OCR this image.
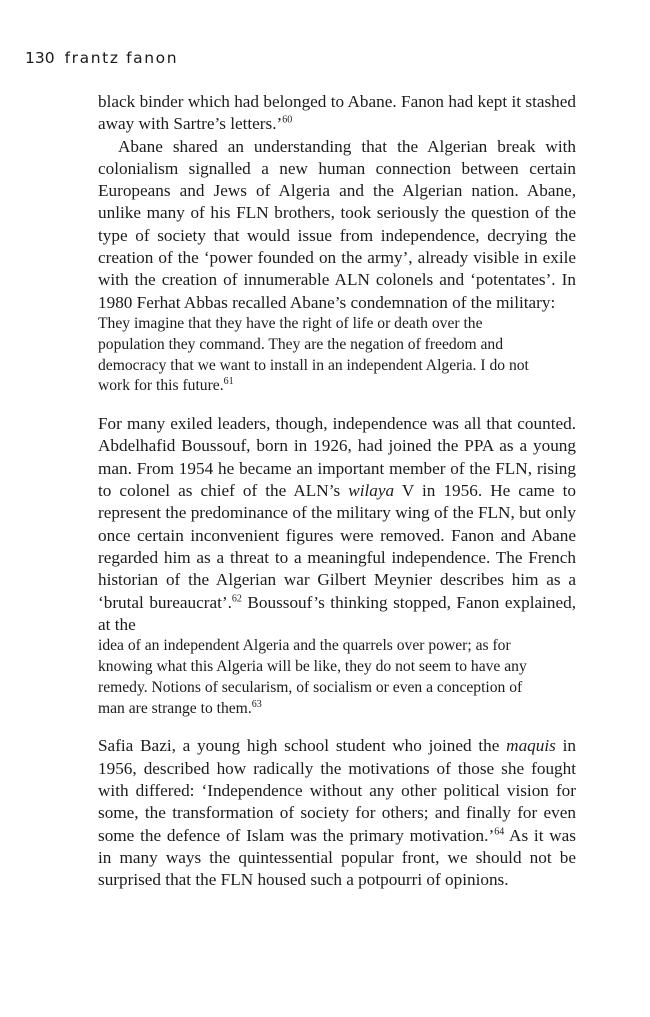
130 frantz fanon

black binder which had belonged to Abane. Fanon had kept it stashed away with Sartre’s letters.’$^{60}$

Abane shared an understanding that the Algerian break with colonialism signalled a new human connection between certain Europeans and Jews of Algeria and the Algerian nation. Abane, unlike many of his FLN brothers, took seriously the question of the type of society that would issue from independence, decrying the creation of the ‘power founded on the army’, already visible in exile with the creation of innumerable ALN colonels and ‘potentates’. In 1980 Ferhat Abbas recalled Abane’s condemnation of the military:

They imagine that they have the right of life or death over the population they command. They are the negation of freedom and democracy that we want to install in an independent Algeria. I do not work for this future.$^{61}$

For many exiled leaders, though, independence was all that counted. Abdelhafid Boussouf, born in 1926, had joined the PPA as a young man. From 1954 he became an important member of the FLN, rising to colonel as chief of the ALN’s wilaya V in 1956. He came to represent the predominance of the military wing of the FLN, but only once certain inconvenient figures were removed. Fanon and Abane regarded him as a threat to a meaningful independence. The French historian of the Algerian war Gilbert Meynier describes him as a ‘brutal bureaucrat’.$^{62}$ Boussouf’s thinking stopped, Fanon explained, at the

idea of an independent Algeria and the quarrels over power; as for knowing what this Algeria will be like, they do not seem to have any remedy. Notions of secularism, of socialism or even a conception of man are strange to them.$^{63}$

Safia Bazi, a young high school student who joined the maquis in 1956, described how radically the motivations of those she fought with differed: ‘Independence without any other political vision for some, the transformation of society for others; and finally for even some the defence of Islam was the primary motivation.’$^{64}$ As it was in many ways the quintessential popular front, we should not be surprised that the FLN housed such a potpourri of opinions.
